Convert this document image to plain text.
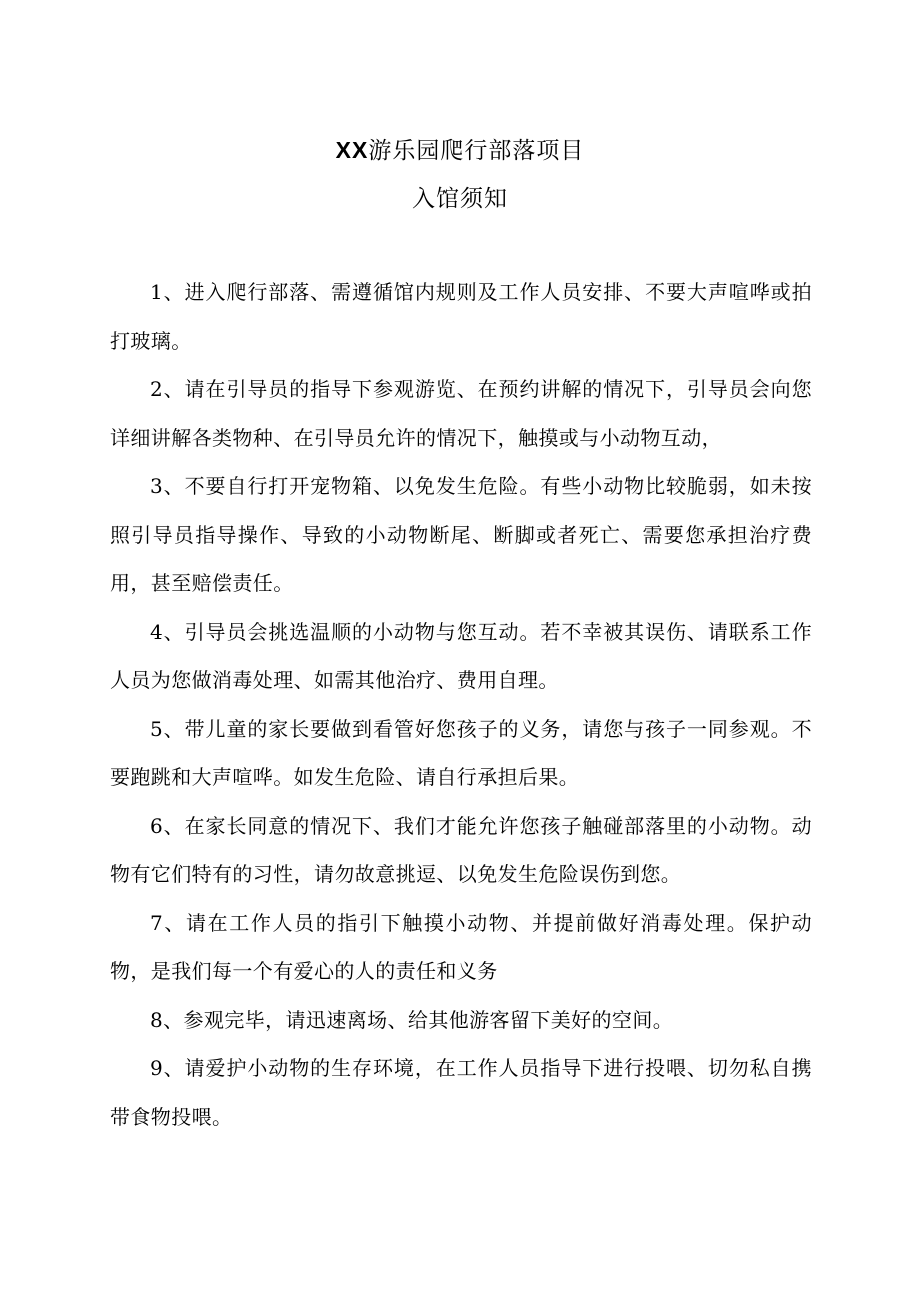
XX游乐园爬行部落项目
入馆须知

1、进入爬行部落、需遵循馆内规则及工作人员安排、不要大声喧哗或拍打玻璃。

2、请在引导员的指导下参观游览、在预约讲解的情况下，引导员会向您详细讲解各类物种、在引导员允许的情况下，触摸或与小动物互动，

3、不要自行打开宠物箱、以免发生危险。有些小动物比较脆弱，如未按照引导员指导操作、导致的小动物断尾、断脚或者死亡、需要您承担治疗费用，甚至赔偿责任。

4、引导员会挑选温顺的小动物与您互动。若不幸被其误伤、请联系工作人员为您做消毒处理、如需其他治疗、费用自理。

5、带儿童的家长要做到看管好您孩子的义务，请您与孩子一同参观。不要跑跳和大声喧哗。如发生危险、请自行承担后果。

6、在家长同意的情况下、我们才能允许您孩子触碰部落里的小动物。动物有它们特有的习性，请勿故意挑逗、以免发生危险误伤到您。

7、请在工作人员的指引下触摸小动物、并提前做好消毒处理。保护动物，是我们每一个有爱心的人的责任和义务

8、参观完毕，请迅速离场、给其他游客留下美好的空间。

9、请爱护小动物的生存环境，在工作人员指导下进行投喂、切勿私自携带食物投喂。
